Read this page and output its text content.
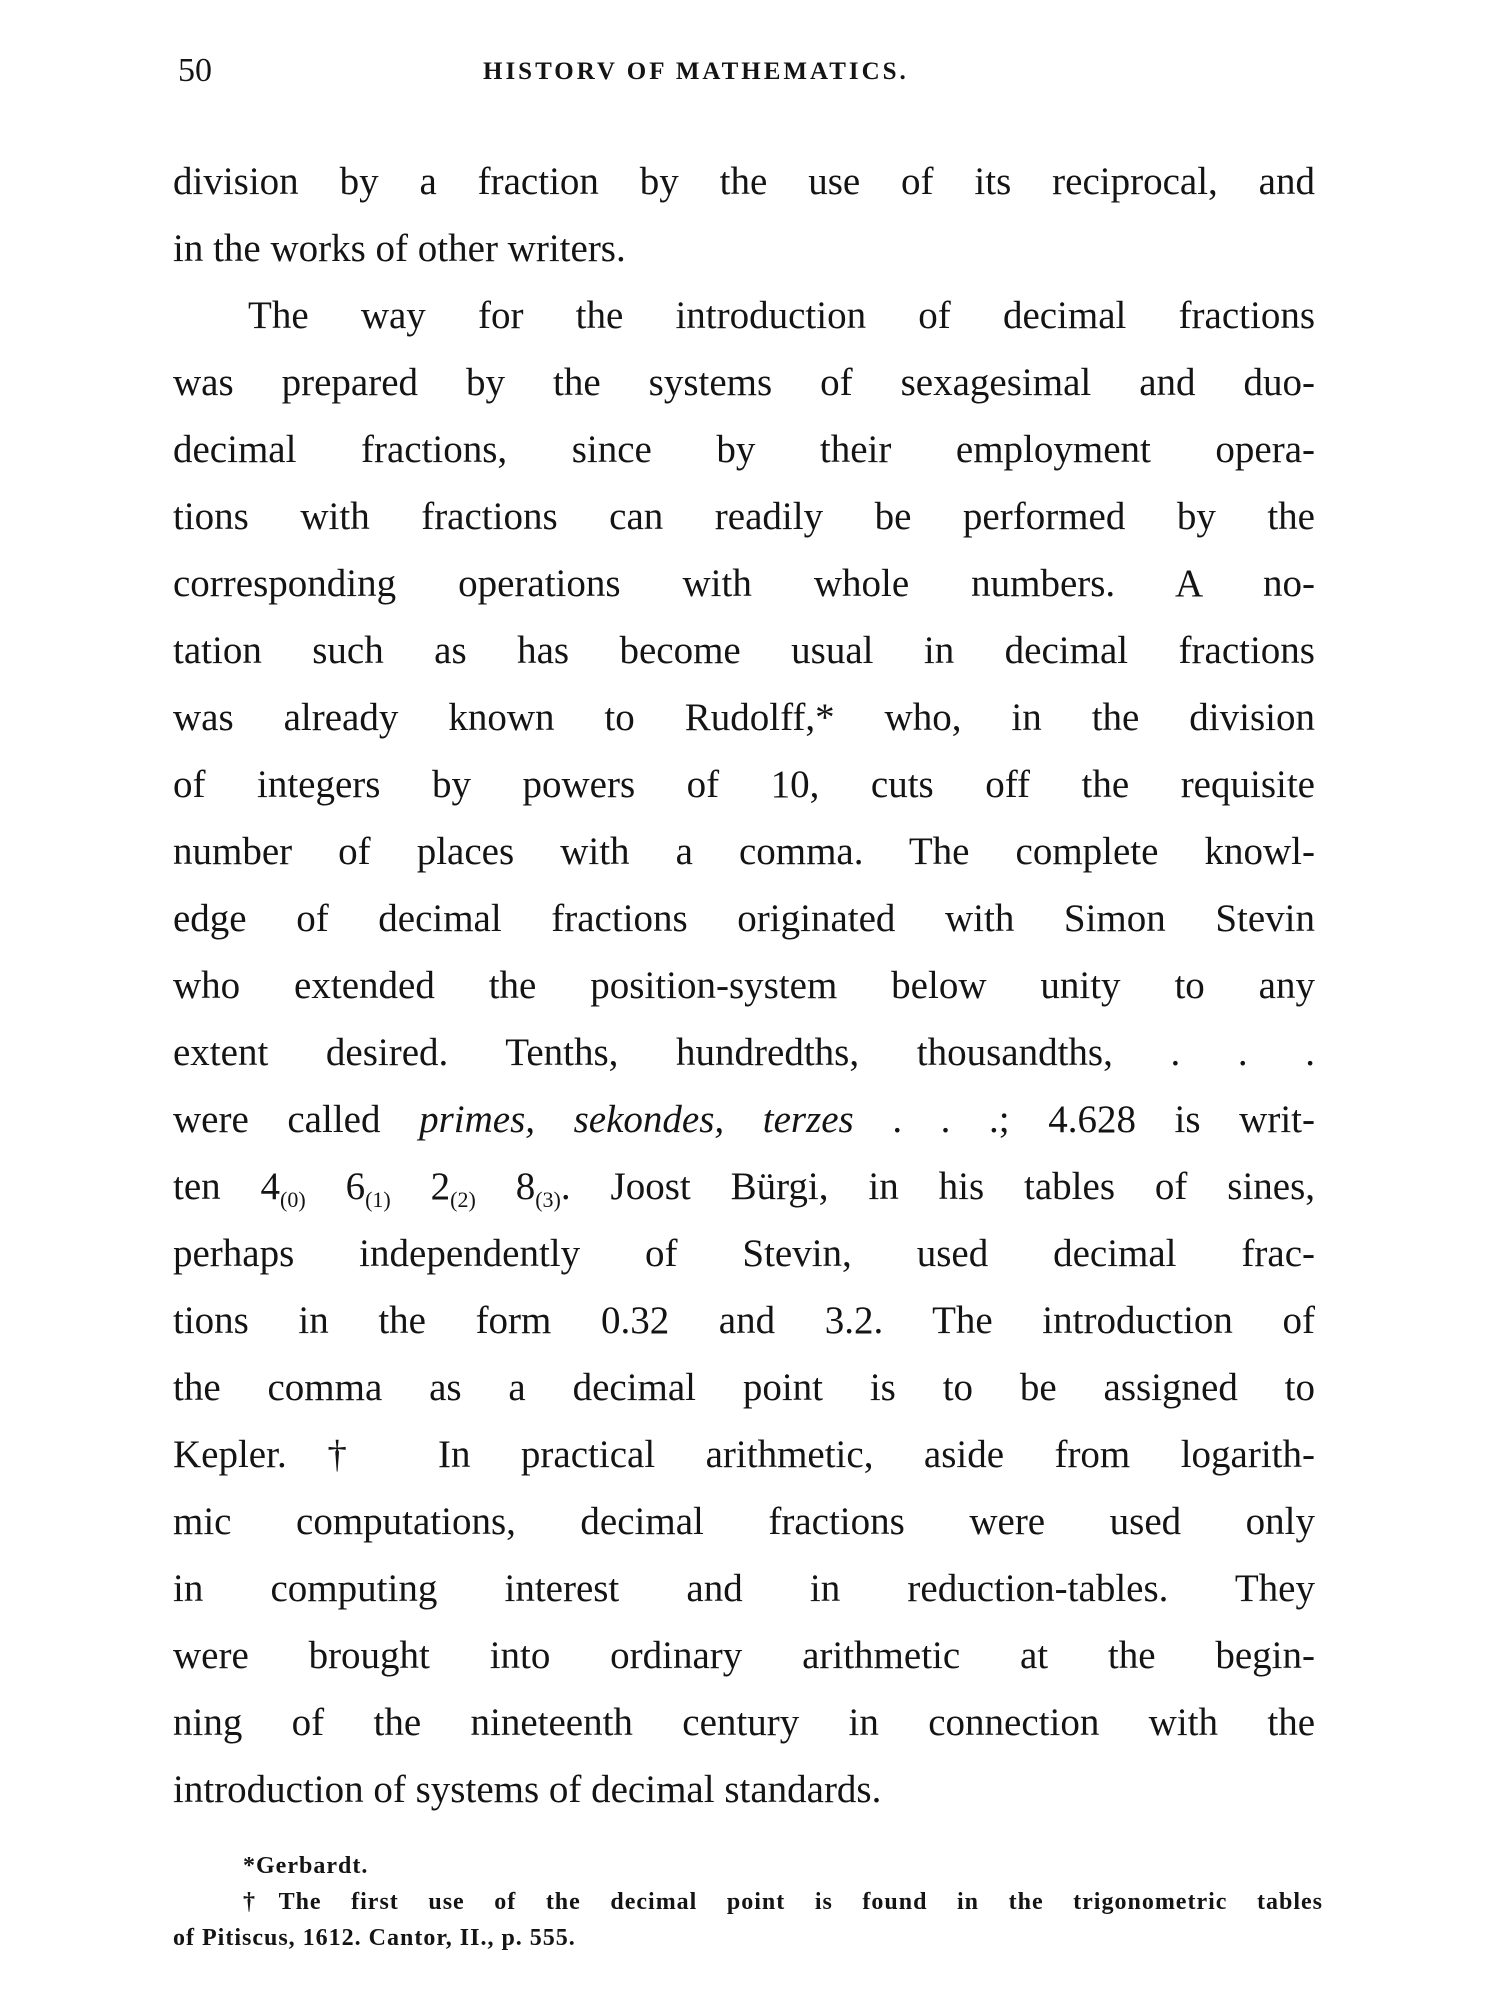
50	HISTORV OF MATHEMATICS.
division by a fraction by the use of its reciprocal, and
in the works of other writers.
The way for the introduction of decimal fractions
was prepared by the systems of sexagesimal and duo-
decimal fractions, since by their employment opera-
tions with fractions can readily be performed by the
corresponding operations with whole numbers. A no-
tation such as has become usual in decimal fractions
was already known to Rudolff,* who, in the division
of integers by powers of 10, cuts off the requisite
number of places with a comma. The complete knowl-
edge of decimal fractions originated with Simon Stevin
who extended the position-system below unity to any
extent desired. Tenths, hundredths, thousandths, . . .
were called primes, sekondes, terzes . . .; 4.628 is writ-
ten $4_{(0)}$ $6_{(1)}$ $2_{(2)}$ $8_{(3)}$. Joost Bürgi, in his tables of sines,
perhaps independently of Stevin, used decimal frac-
tions in the form 0.32 and 3.2. The introduction of
the comma as a decimal point is to be assigned to
Kepler.† In practical arithmetic, aside from logarith-
mic computations, decimal fractions were used only
in computing interest and in reduction-tables. They
were brought into ordinary arithmetic at the begin-
ning of the nineteenth century in connection with the
introduction of systems of decimal standards.
*Gerbardt.
†The first use of the decimal point is found in the trigonometric tables
of Pitiscus, 1612. Cantor, II., p. 555.
